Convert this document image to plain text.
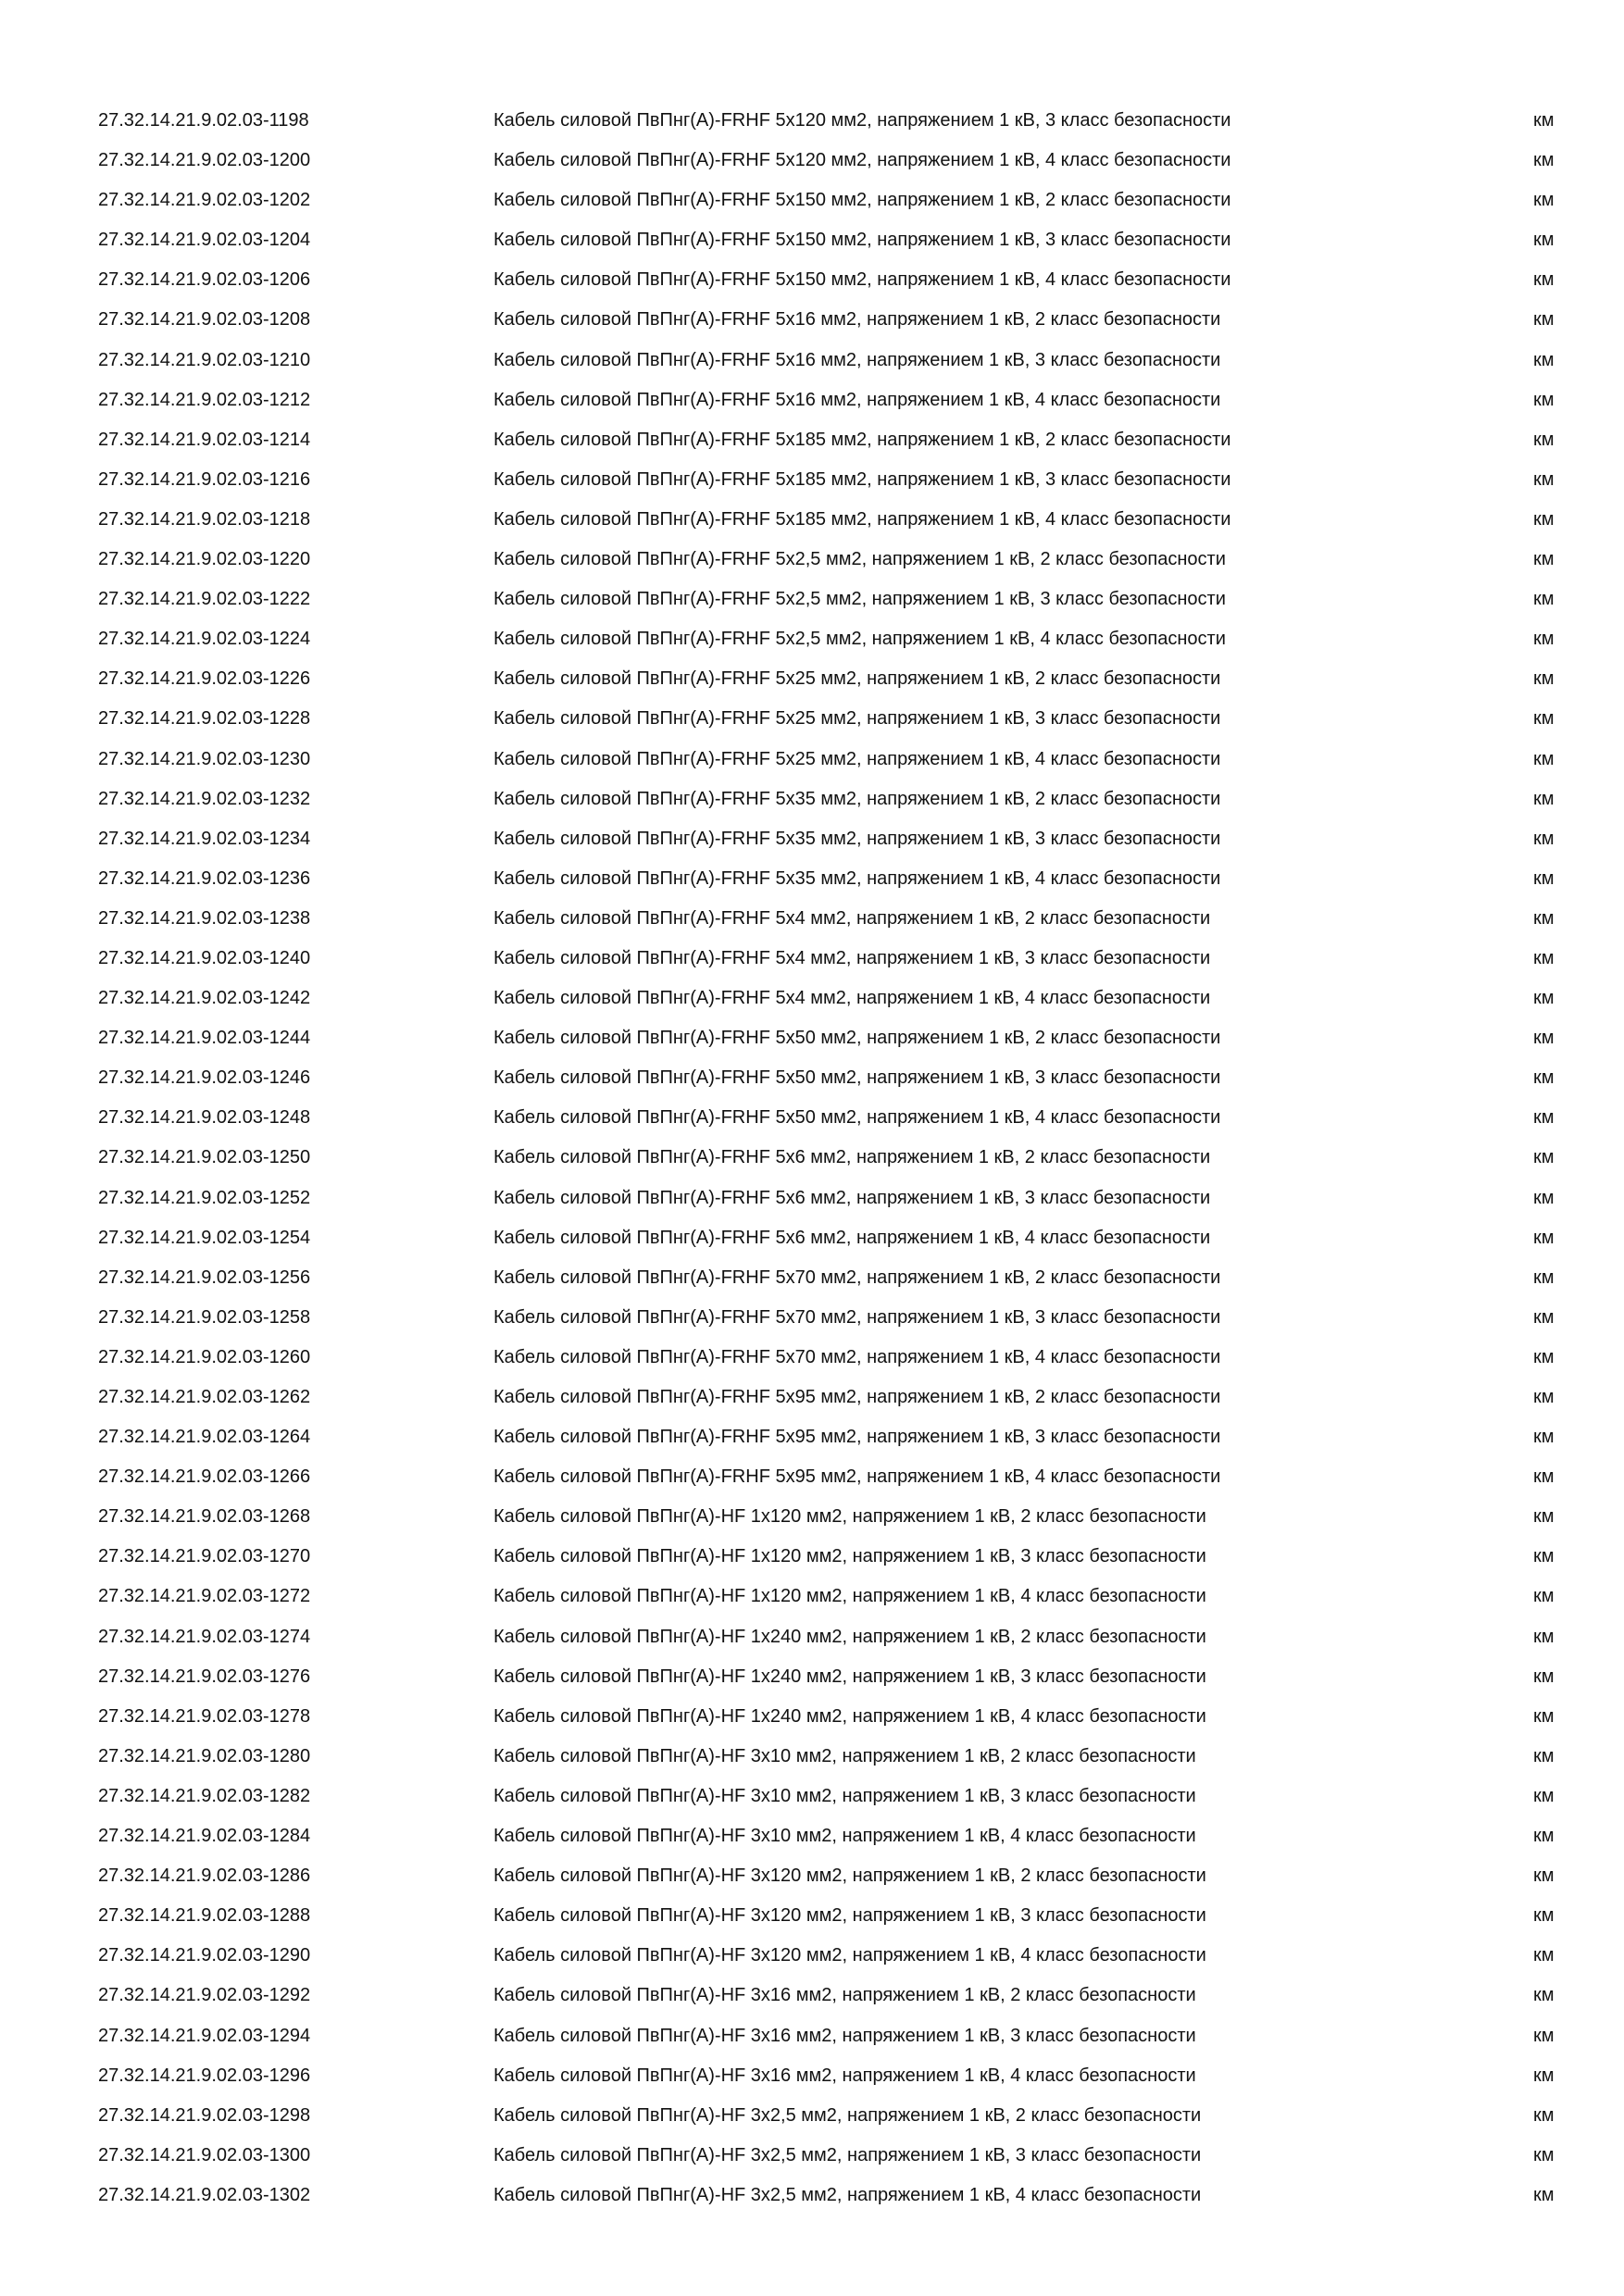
27.32.14.21.9.02.03-1198	Кабель силовой ПвПнг(А)-FRHF 5х120 мм2, напряжением 1 кВ, 3 класс безопасности	км
27.32.14.21.9.02.03-1200	Кабель силовой ПвПнг(А)-FRHF 5х120 мм2, напряжением 1 кВ, 4 класс безопасности	км
27.32.14.21.9.02.03-1202	Кабель силовой ПвПнг(А)-FRHF 5х150 мм2, напряжением 1 кВ, 2 класс безопасности	км
27.32.14.21.9.02.03-1204	Кабель силовой ПвПнг(А)-FRHF 5х150 мм2, напряжением 1 кВ, 3 класс безопасности	км
27.32.14.21.9.02.03-1206	Кабель силовой ПвПнг(А)-FRHF 5х150 мм2, напряжением 1 кВ, 4 класс безопасности	км
27.32.14.21.9.02.03-1208	Кабель силовой ПвПнг(А)-FRHF 5х16 мм2, напряжением 1 кВ, 2 класс безопасности	км
27.32.14.21.9.02.03-1210	Кабель силовой ПвПнг(А)-FRHF 5х16 мм2, напряжением 1 кВ, 3 класс безопасности	км
27.32.14.21.9.02.03-1212	Кабель силовой ПвПнг(А)-FRHF 5х16 мм2, напряжением 1 кВ, 4 класс безопасности	км
27.32.14.21.9.02.03-1214	Кабель силовой ПвПнг(А)-FRHF 5х185 мм2, напряжением 1 кВ, 2 класс безопасности	км
27.32.14.21.9.02.03-1216	Кабель силовой ПвПнг(А)-FRHF 5х185 мм2, напряжением 1 кВ, 3 класс безопасности	км
27.32.14.21.9.02.03-1218	Кабель силовой ПвПнг(А)-FRHF 5х185 мм2, напряжением 1 кВ, 4 класс безопасности	км
27.32.14.21.9.02.03-1220	Кабель силовой ПвПнг(А)-FRHF 5х2,5 мм2, напряжением 1 кВ, 2 класс безопасности	км
27.32.14.21.9.02.03-1222	Кабель силовой ПвПнг(А)-FRHF 5х2,5 мм2, напряжением 1 кВ, 3 класс безопасности	км
27.32.14.21.9.02.03-1224	Кабель силовой ПвПнг(А)-FRHF 5х2,5 мм2, напряжением 1 кВ, 4 класс безопасности	км
27.32.14.21.9.02.03-1226	Кабель силовой ПвПнг(А)-FRHF 5х25 мм2, напряжением 1 кВ, 2 класс безопасности	км
27.32.14.21.9.02.03-1228	Кабель силовой ПвПнг(А)-FRHF 5х25 мм2, напряжением 1 кВ, 3 класс безопасности	км
27.32.14.21.9.02.03-1230	Кабель силовой ПвПнг(А)-FRHF 5х25 мм2, напряжением 1 кВ, 4 класс безопасности	км
27.32.14.21.9.02.03-1232	Кабель силовой ПвПнг(А)-FRHF 5х35 мм2, напряжением 1 кВ, 2 класс безопасности	км
27.32.14.21.9.02.03-1234	Кабель силовой ПвПнг(А)-FRHF 5х35 мм2, напряжением 1 кВ, 3 класс безопасности	км
27.32.14.21.9.02.03-1236	Кабель силовой ПвПнг(А)-FRHF 5х35 мм2, напряжением 1 кВ, 4 класс безопасности	км
27.32.14.21.9.02.03-1238	Кабель силовой ПвПнг(А)-FRHF 5х4 мм2, напряжением 1 кВ, 2 класс безопасности	км
27.32.14.21.9.02.03-1240	Кабель силовой ПвПнг(А)-FRHF 5х4 мм2, напряжением 1 кВ, 3 класс безопасности	км
27.32.14.21.9.02.03-1242	Кабель силовой ПвПнг(А)-FRHF 5х4 мм2, напряжением 1 кВ, 4 класс безопасности	км
27.32.14.21.9.02.03-1244	Кабель силовой ПвПнг(А)-FRHF 5х50 мм2, напряжением 1 кВ, 2 класс безопасности	км
27.32.14.21.9.02.03-1246	Кабель силовой ПвПнг(А)-FRHF 5х50 мм2, напряжением 1 кВ, 3 класс безопасности	км
27.32.14.21.9.02.03-1248	Кабель силовой ПвПнг(А)-FRHF 5х50 мм2, напряжением 1 кВ, 4 класс безопасности	км
27.32.14.21.9.02.03-1250	Кабель силовой ПвПнг(А)-FRHF 5х6 мм2, напряжением 1 кВ, 2 класс безопасности	км
27.32.14.21.9.02.03-1252	Кабель силовой ПвПнг(А)-FRHF 5х6 мм2, напряжением 1 кВ, 3 класс безопасности	км
27.32.14.21.9.02.03-1254	Кабель силовой ПвПнг(А)-FRHF 5х6 мм2, напряжением 1 кВ, 4 класс безопасности	км
27.32.14.21.9.02.03-1256	Кабель силовой ПвПнг(А)-FRHF 5х70 мм2, напряжением 1 кВ, 2 класс безопасности	км
27.32.14.21.9.02.03-1258	Кабель силовой ПвПнг(А)-FRHF 5х70 мм2, напряжением 1 кВ, 3 класс безопасности	км
27.32.14.21.9.02.03-1260	Кабель силовой ПвПнг(А)-FRHF 5х70 мм2, напряжением 1 кВ, 4 класс безопасности	км
27.32.14.21.9.02.03-1262	Кабель силовой ПвПнг(А)-FRHF 5х95 мм2, напряжением 1 кВ, 2 класс безопасности	км
27.32.14.21.9.02.03-1264	Кабель силовой ПвПнг(А)-FRHF 5х95 мм2, напряжением 1 кВ, 3 класс безопасности	км
27.32.14.21.9.02.03-1266	Кабель силовой ПвПнг(А)-FRHF 5х95 мм2, напряжением 1 кВ, 4 класс безопасности	км
27.32.14.21.9.02.03-1268	Кабель силовой ПвПнг(А)-HF 1х120 мм2, напряжением 1 кВ, 2 класс безопасности	км
27.32.14.21.9.02.03-1270	Кабель силовой ПвПнг(А)-HF 1х120 мм2, напряжением 1 кВ, 3 класс безопасности	км
27.32.14.21.9.02.03-1272	Кабель силовой ПвПнг(А)-HF 1х120 мм2, напряжением 1 кВ, 4 класс безопасности	км
27.32.14.21.9.02.03-1274	Кабель силовой ПвПнг(А)-HF 1х240 мм2, напряжением 1 кВ, 2 класс безопасности	км
27.32.14.21.9.02.03-1276	Кабель силовой ПвПнг(А)-HF 1х240 мм2, напряжением 1 кВ, 3 класс безопасности	км
27.32.14.21.9.02.03-1278	Кабель силовой ПвПнг(А)-HF 1х240 мм2, напряжением 1 кВ, 4 класс безопасности	км
27.32.14.21.9.02.03-1280	Кабель силовой ПвПнг(А)-HF 3х10 мм2, напряжением 1 кВ, 2 класс безопасности	км
27.32.14.21.9.02.03-1282	Кабель силовой ПвПнг(А)-HF 3х10 мм2, напряжением 1 кВ, 3 класс безопасности	км
27.32.14.21.9.02.03-1284	Кабель силовой ПвПнг(А)-HF 3х10 мм2, напряжением 1 кВ, 4 класс безопасности	км
27.32.14.21.9.02.03-1286	Кабель силовой ПвПнг(А)-HF 3х120 мм2, напряжением 1 кВ, 2 класс безопасности	км
27.32.14.21.9.02.03-1288	Кабель силовой ПвПнг(А)-HF 3х120 мм2, напряжением 1 кВ, 3 класс безопасности	км
27.32.14.21.9.02.03-1290	Кабель силовой ПвПнг(А)-HF 3х120 мм2, напряжением 1 кВ, 4 класс безопасности	км
27.32.14.21.9.02.03-1292	Кабель силовой ПвПнг(А)-HF 3х16 мм2, напряжением 1 кВ, 2 класс безопасности	км
27.32.14.21.9.02.03-1294	Кабель силовой ПвПнг(А)-HF 3х16 мм2, напряжением 1 кВ, 3 класс безопасности	км
27.32.14.21.9.02.03-1296	Кабель силовой ПвПнг(А)-HF 3х16 мм2, напряжением 1 кВ, 4 класс безопасности	км
27.32.14.21.9.02.03-1298	Кабель силовой ПвПнг(А)-HF 3х2,5 мм2, напряжением 1 кВ, 2 класс безопасности	км
27.32.14.21.9.02.03-1300	Кабель силовой ПвПнг(А)-HF 3х2,5 мм2, напряжением 1 кВ, 3 класс безопасности	км
27.32.14.21.9.02.03-1302	Кабель силовой ПвПнг(А)-HF 3х2,5 мм2, напряжением 1 кВ, 4 класс безопасности	км
